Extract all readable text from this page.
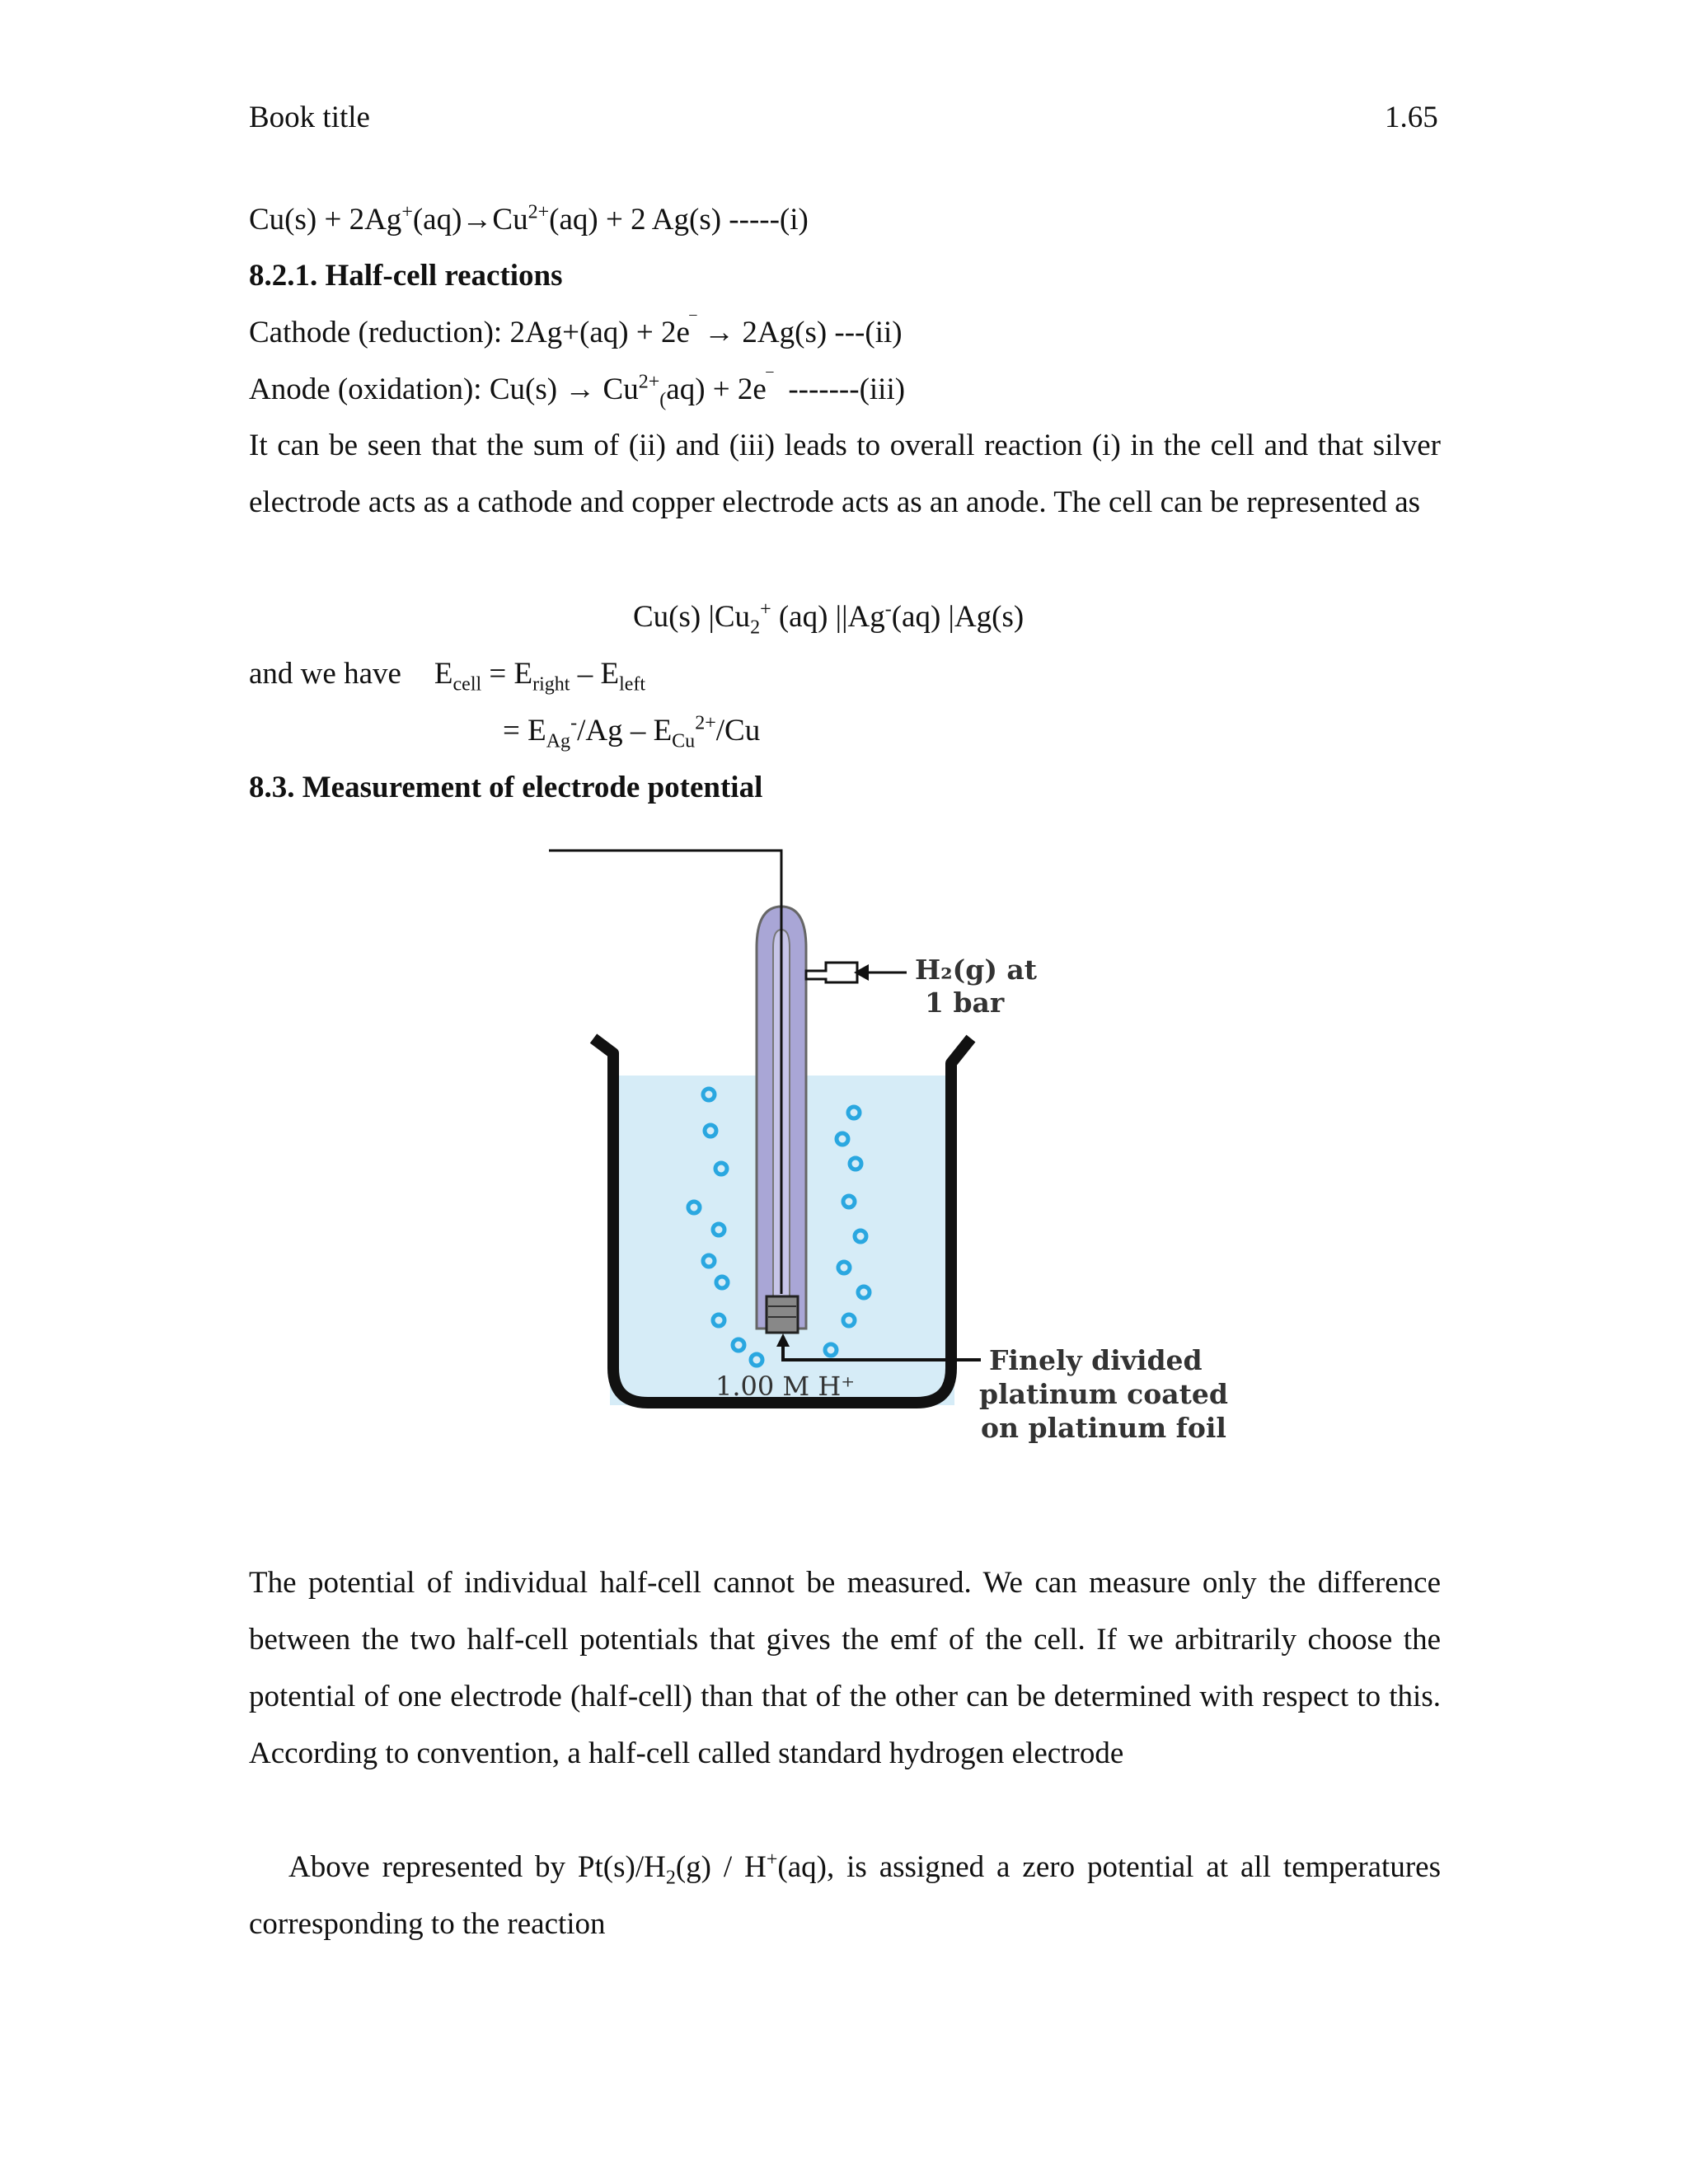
Book title	1.65
$Cu(s) + 2Ag^+(aq)\to Cu^{2+}(aq) + 2$ Ag(s) -----(i)
8.2.1. Half-cell reactions
Cathode (reduction): 2Ag+(aq) + 2e‾ → 2Ag(s) ---(ii)
Anode (oxidation): $Cu(s) \to Cu^{2+}_(aq) + 2e^‾$  -------(iii)
It can be seen that the sum of (ii) and (iii) leads to overall reaction (i) in the cell and that silver electrode acts as a cathode and copper electrode acts as an anode. The cell can be represented as
Cu(s) $|Cu_2^+$ (aq) ||Ag-(aq) |Ag(s)
and we have $E_{cell} = E_{right} - E_{left}$
= $E_{Ag}^-/Ag - E_{Cu}^{2+}/Cu$
8.3. Measurement of electrode potential
H₂(g) at
1 bar
1.00 M H⁺
Finely divided
platinum coated
on platinum foil
The potential of individual half-cell cannot be measured. We can measure only the difference between the two half-cell potentials that gives the emf of the cell. If we arbitrarily choose the potential of one electrode (half-cell) than that of the other can be determined with respect to this. According to convention, a half-cell called standard hydrogen electrode
Above represented by $Pt(s)/H_2(g) / H^+(aq)$, is assigned a zero potential at all temperatures corresponding to the reaction
